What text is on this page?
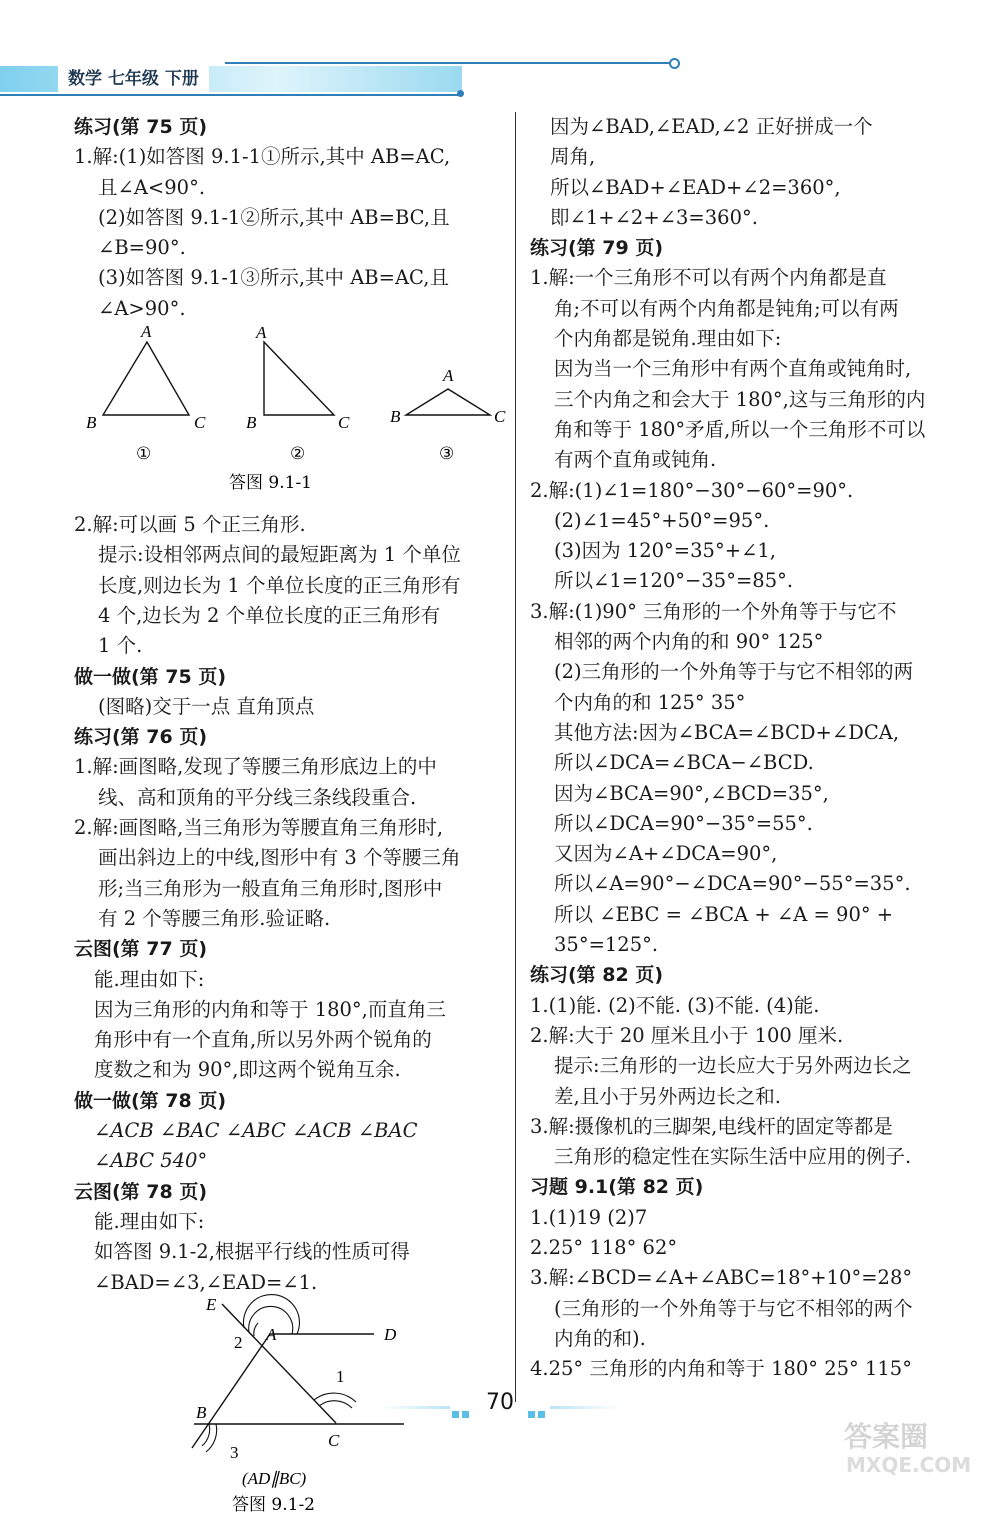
数学 七年级 下册
练习(第 75 页)
1.解:(1)如答图 9.1-1①所示,其中 AB=AC,
且∠A<90°.
(2)如答图 9.1-1②所示,其中 AB=BC,且
∠B=90°.
(3)如答图 9.1-1③所示,其中 AB=AC,且
∠A>90°.
A
B	C
①
A
B	C
②
A
B	C
③
答图 9.1-1
2.解:可以画 5 个正三角形.
提示:设相邻两点间的最短距离为 1 个单位
长度,则边长为 1 个单位长度的正三角形有
4 个,边长为 2 个单位长度的正三角形有
1 个.
做一做(第 75 页)
(图略)交于一点 直角顶点
练习(第 76 页)
1.解:画图略,发现了等腰三角形底边上的中
线、高和顶角的平分线三条线段重合.
2.解:画图略,当三角形为等腰直角三角形时,
画出斜边上的中线,图形中有 3 个等腰三角
形;当三角形为一般直角三角形时,图形中
有 2 个等腰三角形.验证略.
云图(第 77 页)
能.理由如下:
因为三角形的内角和等于 180°,而直角三
角形中有一个直角,所以另外两个锐角的
度数之和为 90°,即这两个锐角互余.
做一做(第 78 页)
∠ACB ∠BAC ∠ABC ∠ACB ∠BAC
∠ABC 540°
云图(第 78 页)
能.理由如下:
如答图 9.1-2,根据平行线的性质可得
∠BAD=∠3,∠EAD=∠1.
E
A	D
B
C
1
2
3
(AD∥BC)
答图 9.1-2
因为∠BAD,∠EAD,∠2 正好拼成一个
周角,
所以∠BAD+∠EAD+∠2=360°,
即∠1+∠2+∠3=360°.
练习(第 79 页)
1.解:一个三角形不可以有两个内角都是直
角;不可以有两个内角都是钝角;可以有两
个内角都是锐角.理由如下:
因为当一个三角形中有两个直角或钝角时,
三个内角之和会大于 180°,这与三角形的内
角和等于 180°矛盾,所以一个三角形不可以
有两个直角或钝角.
2.解:(1)∠1=180°−30°−60°=90°.
(2)∠1=45°+50°=95°.
(3)因为 120°=35°+∠1,
所以∠1=120°−35°=85°.
3.解:(1)90° 三角形的一个外角等于与它不
相邻的两个内角的和 90° 125°
(2)三角形的一个外角等于与它不相邻的两
个内角的和 125° 35°
其他方法:因为∠BCA=∠BCD+∠DCA,
所以∠DCA=∠BCA−∠BCD.
因为∠BCA=90°,∠BCD=35°,
所以∠DCA=90°−35°=55°.
又因为∠A+∠DCA=90°,
所以∠A=90°−∠DCA=90°−55°=35°.
所以 ∠EBC = ∠BCA + ∠A = 90° +
35°=125°.
练习(第 82 页)
1.(1)能. (2)不能. (3)不能. (4)能.
2.解:大于 20 厘米且小于 100 厘米.
提示:三角形的一边长应大于另外两边长之
差,且小于另外两边长之和.
3.解:摄像机的三脚架,电线杆的固定等都是
三角形的稳定性在实际生活中应用的例子.
习题 9.1(第 82 页)
1.(1)19 (2)7
2.25° 118° 62°
3.解:∠BCD=∠A+∠ABC=18°+10°=28°
(三角形的一个外角等于与它不相邻的两个
内角的和).
4.25° 三角形的内角和等于 180° 25° 115°
70
答案圈
MXQE.COM
